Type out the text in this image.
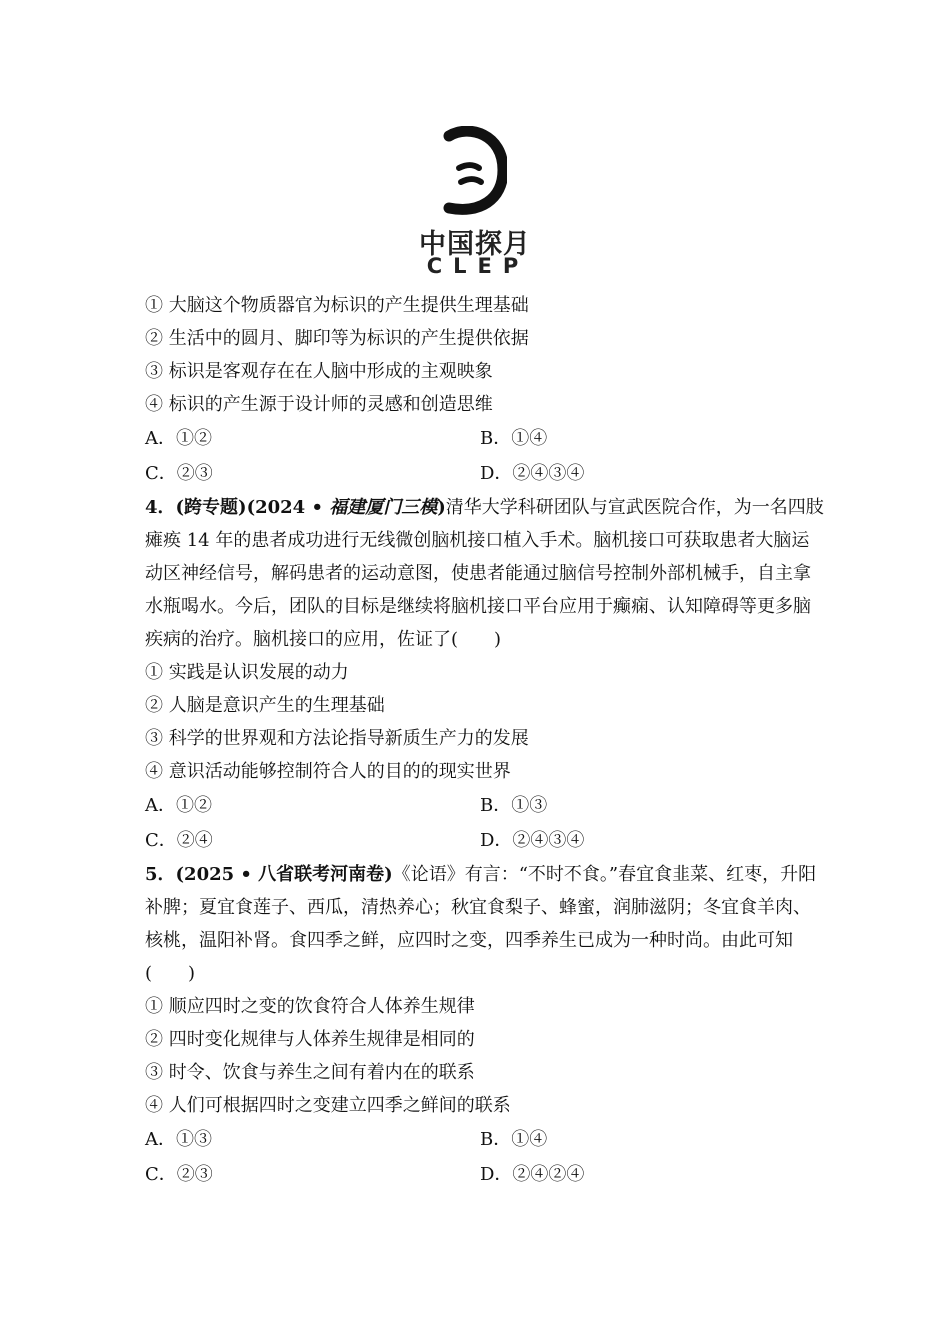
中国探月
CLEP
① 大脑这个物质器官为标识的产生提供生理基础
② 生活中的圆月、脚印等为标识的产生提供依据
③ 标识是客观存在在人脑中形成的主观映象
④ 标识的产生源于设计师的灵感和创造思维
A．①②	B．①④
C．②③	D．②④③④
4．(跨专题)(2024 • 福建厦门三模)清华大学科研团队与宣武医院合作，为一名四肢瘫痪 14 年的患者成功进行无线微创脑机接口植入手术。脑机接口可获取患者大脑运动区神经信号，解码患者的运动意图，使患者能通过脑信号控制外部机械手，自主拿水瓶喝水。今后，团队的目标是继续将脑机接口平台应用于癫痫、认知障碍等更多脑疾病的治疗。脑机接口的应用，佐证了(　　)
① 实践是认识发展的动力
② 人脑是意识产生的生理基础
③ 科学的世界观和方法论指导新质生产力的发展
④ 意识活动能够控制符合人的目的的现实世界
A．①②	B．①③
C．②④	D．②④③④
5．(2025 • 八省联考河南卷)《论语》有言：“不时不食。”春宜食韭菜、红枣，升阳补脾；夏宜食莲子、西瓜，清热养心；秋宜食梨子、蜂蜜，润肺滋阴；冬宜食羊肉、核桃，温阳补肾。食四季之鲜，应四时之变，四季养生已成为一种时尚。由此可知(　　)
① 顺应四时之变的饮食符合人体养生规律
② 四时变化规律与人体养生规律是相同的
③ 时令、饮食与养生之间有着内在的联系
④ 人们可根据四时之变建立四季之鲜间的联系
A．①③	B．①④
C．②③	D．②④②④
